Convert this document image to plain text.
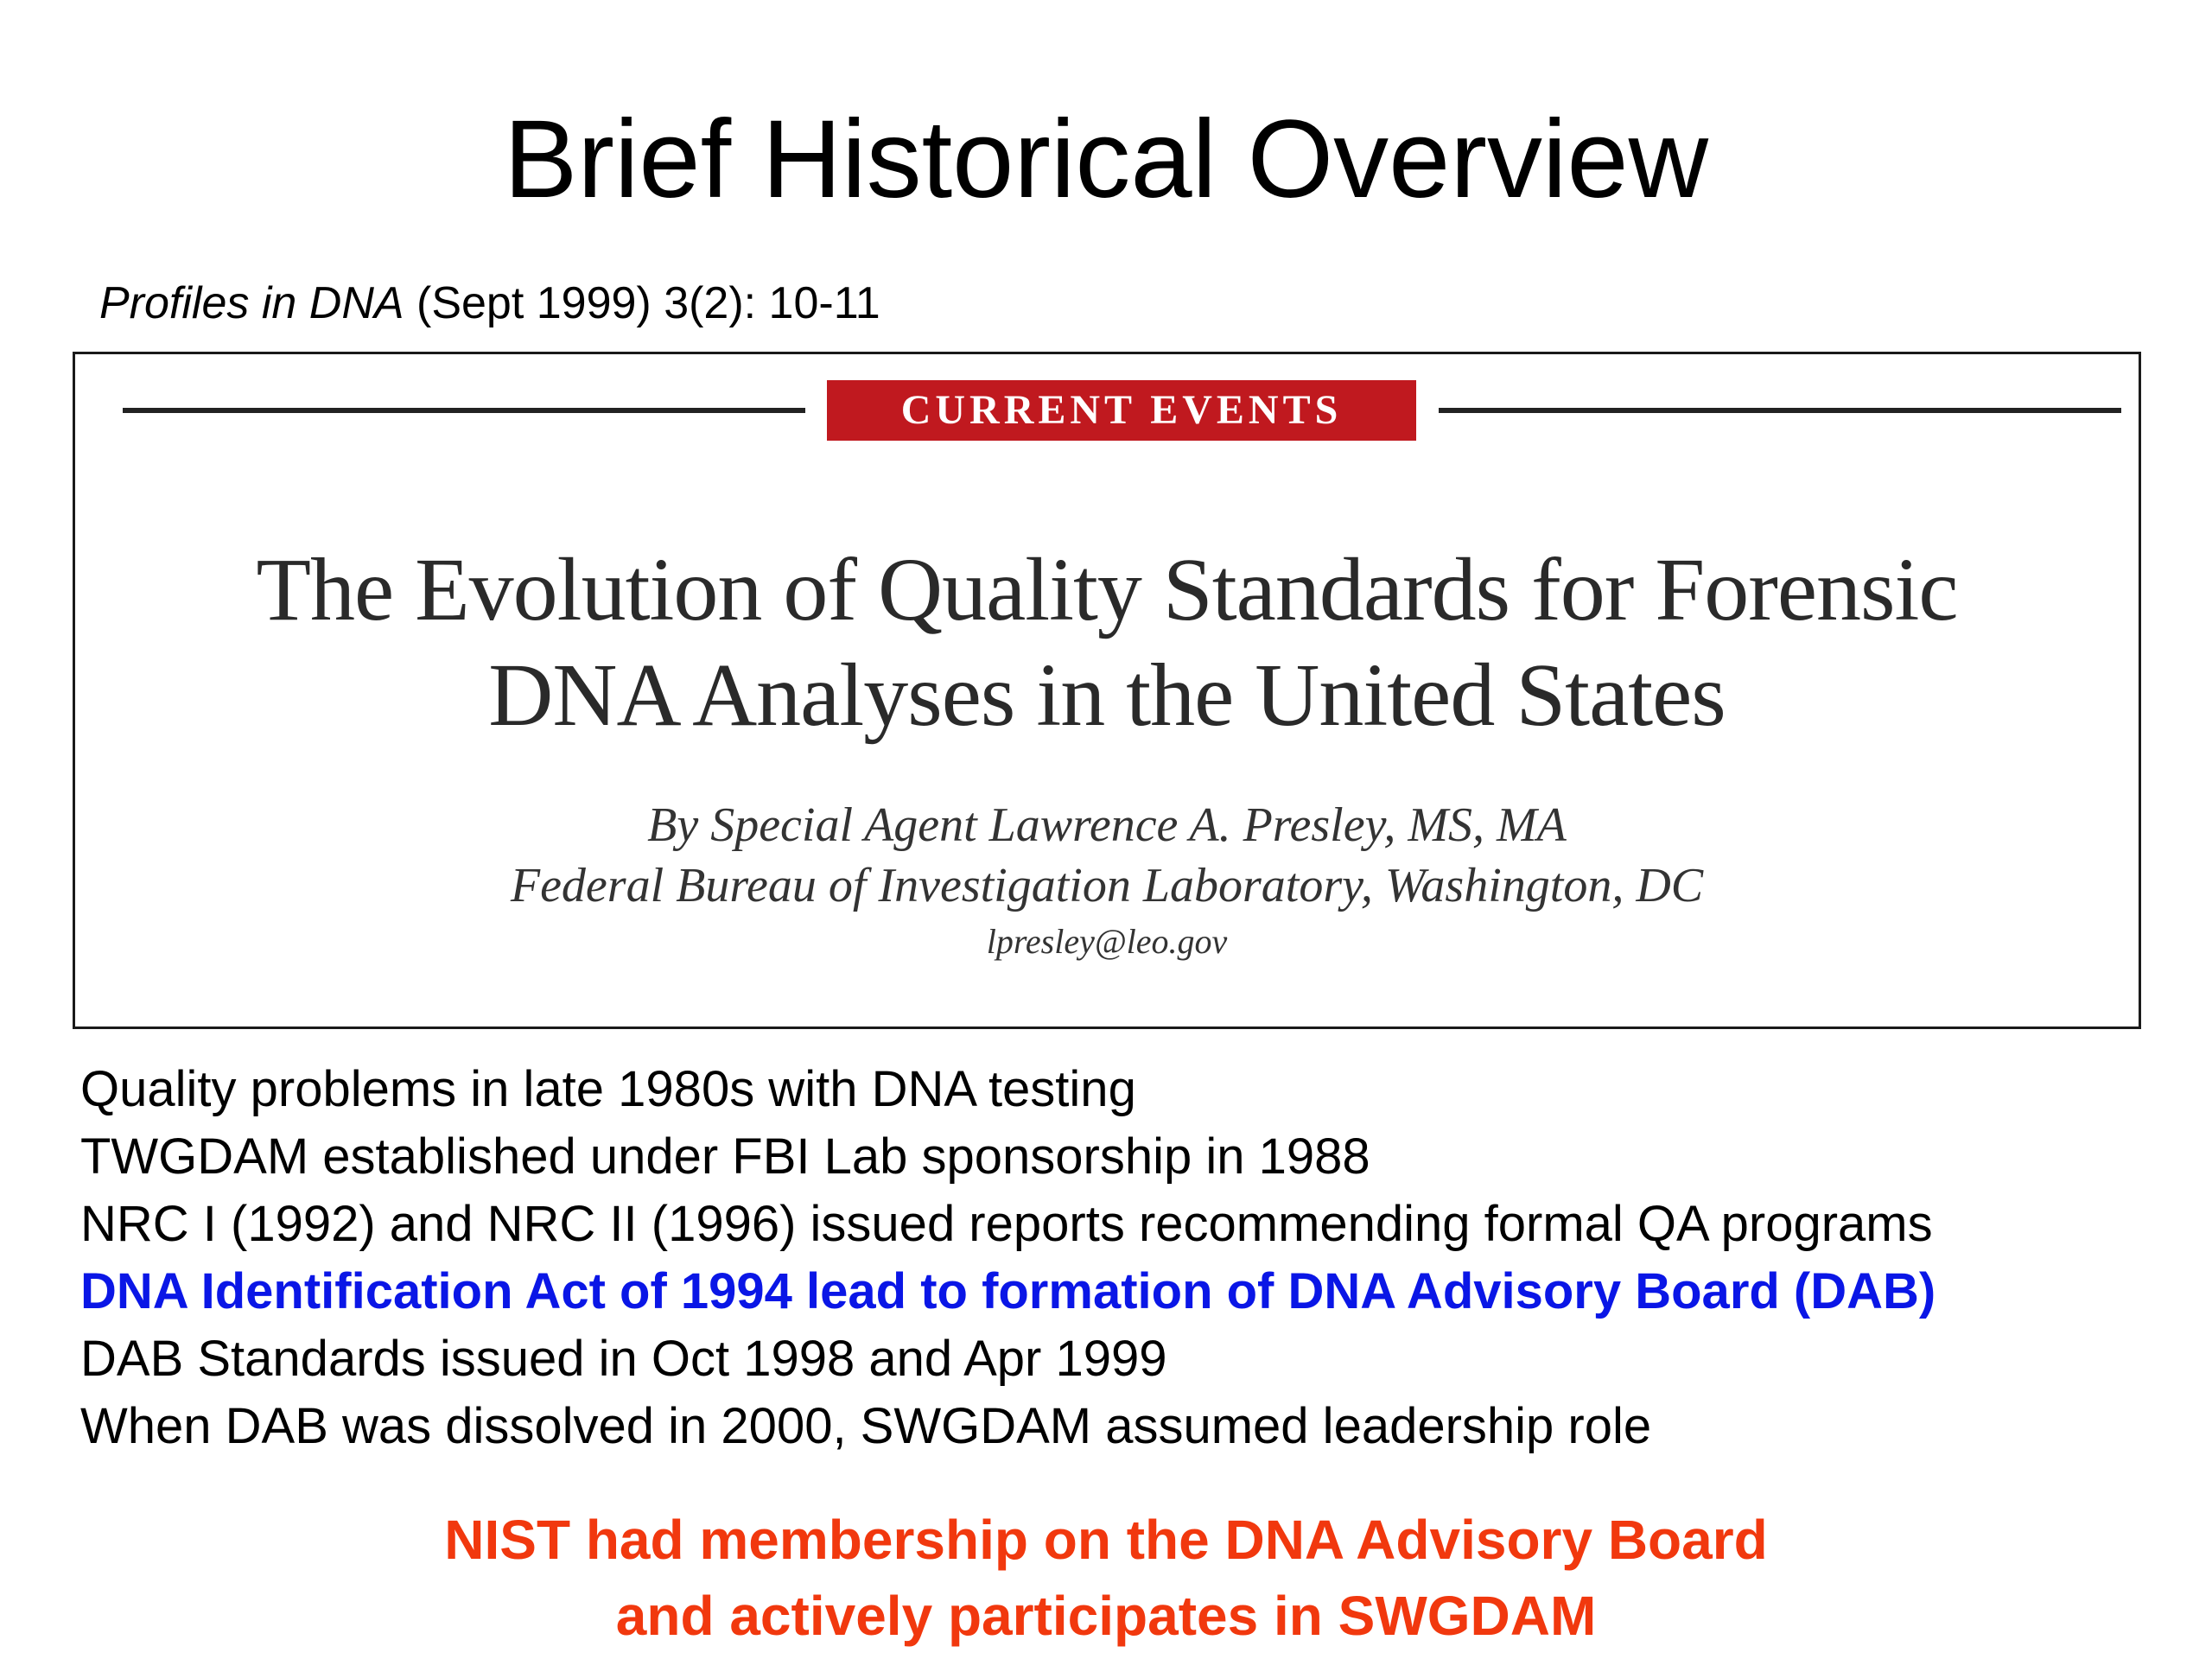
Brief Historical Overview
Profiles in DNA (Sept 1999) 3(2): 10-11
CURRENT EVENTS
The Evolution of Quality Standards for Forensic
DNA Analyses in the United States
By Special Agent Lawrence A. Presley, MS, MA
Federal Bureau of Investigation Laboratory, Washington, DC
lpresley@leo.gov
Quality problems in late 1980s with DNA testing
TWGDAM established under FBI Lab sponsorship in 1988
NRC I (1992) and NRC II (1996) issued reports recommending formal QA programs
DNA Identification Act of 1994 lead to formation of DNA Advisory Board (DAB)
DAB Standards issued in Oct 1998 and Apr 1999
When DAB was dissolved in 2000, SWGDAM assumed leadership role
NIST had membership on the DNA Advisory Board
and actively participates in SWGDAM
